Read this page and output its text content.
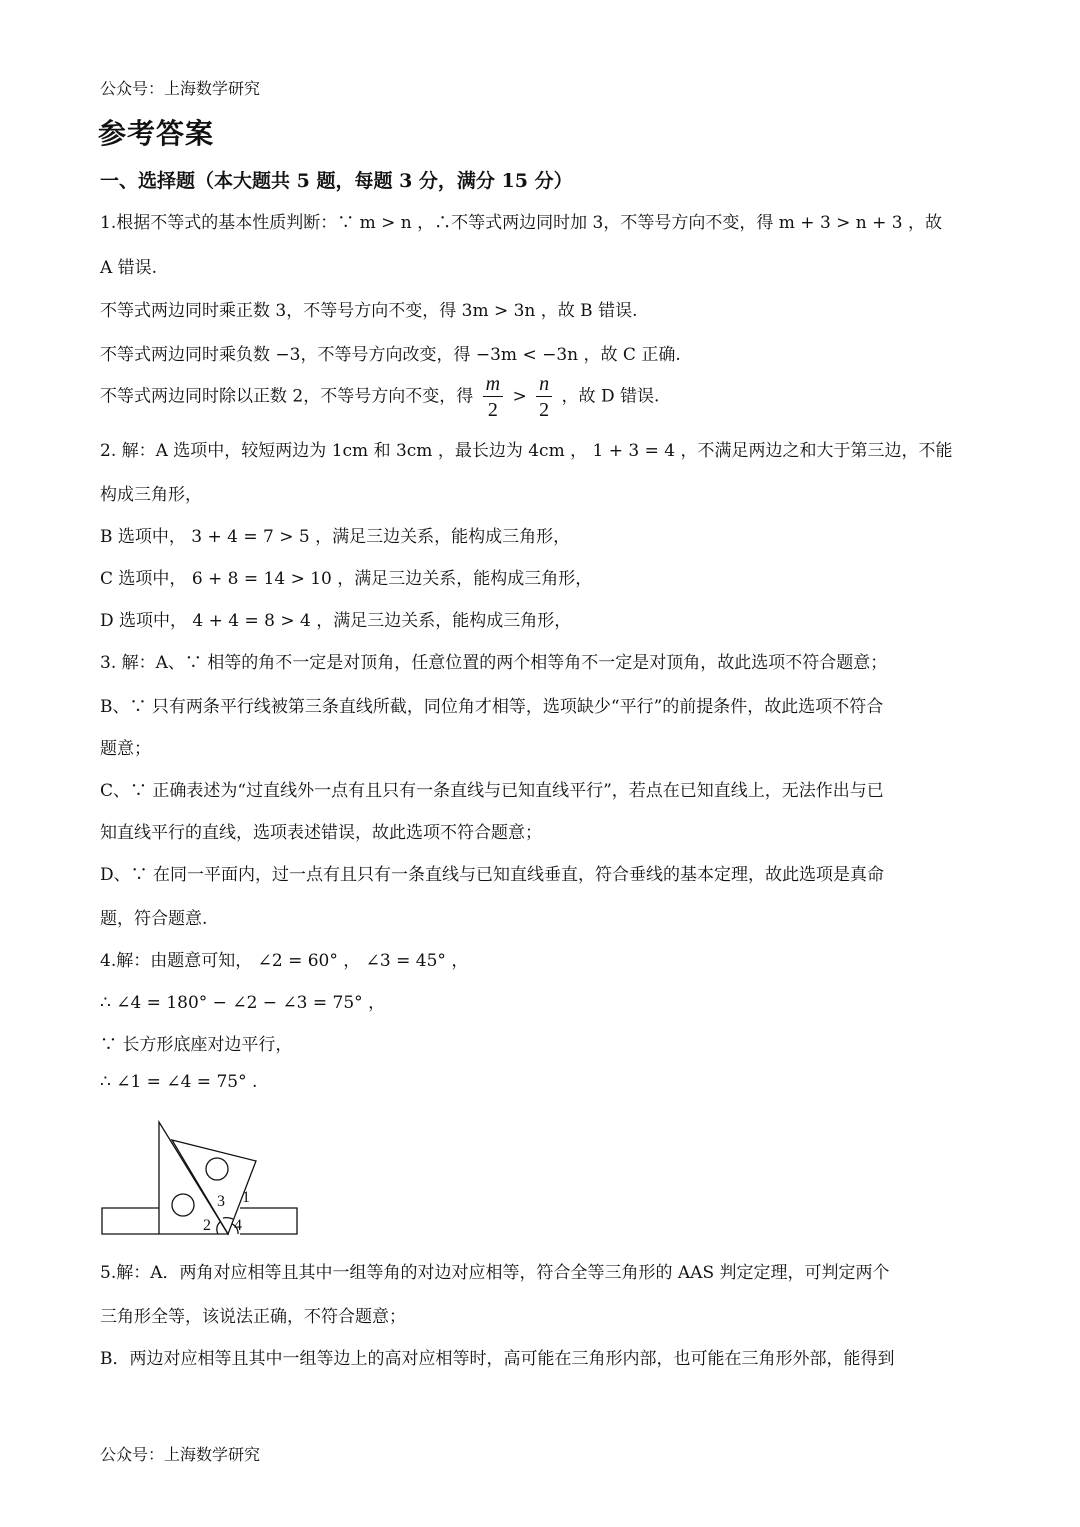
公众号：上海数学研究
参考答案
一、选择题（本大题共 5 题，每题 3 分，满分 15 分）
1.根据不等式的基本性质判断：∵ m > n ，∴不等式两边同时加 3，不等号方向不变，得 m + 3 > n + 3 ，故
A 错误.
不等式两边同时乘正数 3，不等号方向不变，得 3m > 3n ，故 B 错误.
不等式两边同时乘负数 −3，不等号方向改变，得 −3m < −3n ，故 C 正确.
不等式两边同时除以正数 2，不等号方向不变，得 $\frac{m}{2} > \frac{n}{2}$ ，故 D 错误.
2. 解：A 选项中，较短两边为 1cm 和 3cm ，最长边为 4cm ， 1 + 3 = 4 ，不满足两边之和大于第三边，不能
构成三角形，
B 选项中， 3 + 4 = 7 > 5 ，满足三边关系，能构成三角形，
C 选项中， 6 + 8 = 14 > 10 ，满足三边关系，能构成三角形，
D 选项中， 4 + 4 = 8 > 4 ，满足三边关系，能构成三角形，
3. 解：A、∵ 相等的角不一定是对顶角，任意位置的两个相等角不一定是对顶角，故此选项不符合题意；
B、∵ 只有两条平行线被第三条直线所截，同位角才相等，选项缺少“平行”的前提条件，故此选项不符合
题意；
C、∵ 正确表述为“过直线外一点有且只有一条直线与已知直线平行”，若点在已知直线上，无法作出与已
知直线平行的直线，选项表述错误，故此选项不符合题意；
D、∵ 在同一平面内，过一点有且只有一条直线与已知直线垂直，符合垂线的基本定理，故此选项是真命
题，符合题意.
4.解：由题意可知， ∠2 = 60° ， ∠3 = 45° ，
∴ ∠4 = 180° − ∠2 − ∠3 = 75° ，
∵ 长方形底座对边平行，
∴ ∠1 = ∠4 = 75° .
2
3 1
4
5.解：A．两角对应相等且其中一组等角的对边对应相等，符合全等三角形的 AAS 判定定理，可判定两个
三角形全等，该说法正确，不符合题意；
B．两边对应相等且其中一组等边上的高对应相等时，高可能在三角形内部，也可能在三角形外部，能得到
公众号：上海数学研究
